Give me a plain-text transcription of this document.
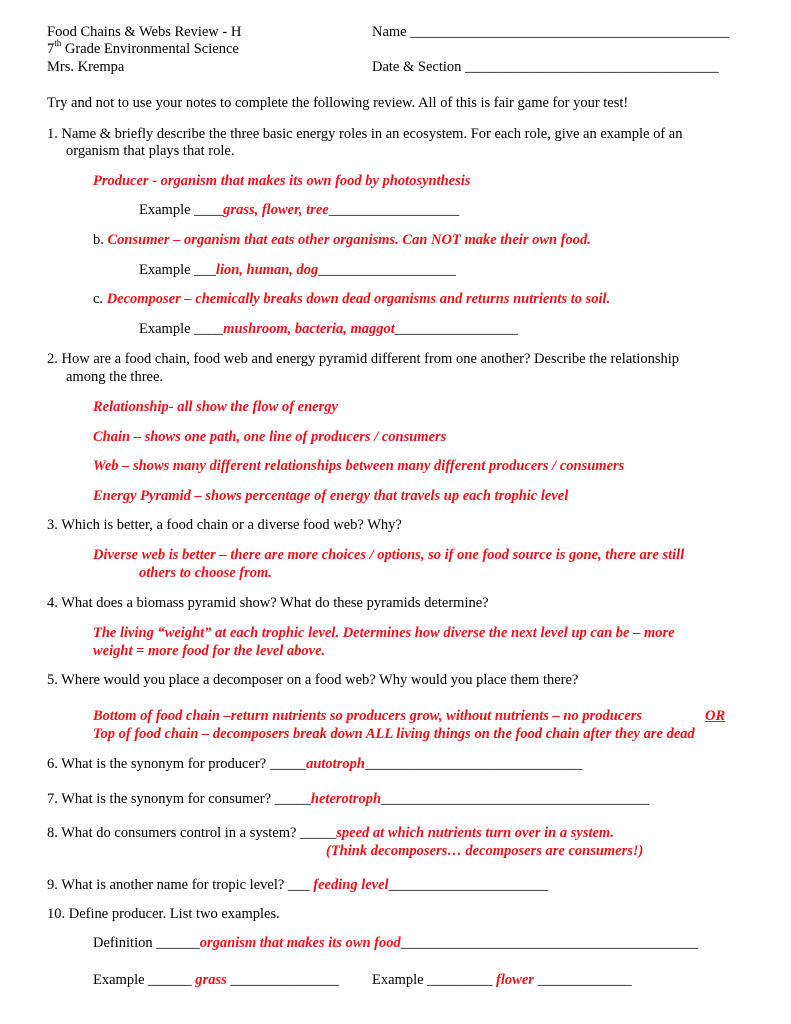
Food Chains & Webs Review - H
7th Grade Environmental Science
Mrs. Krempa
Name ____________________________________________
Date & Section ___________________________________
Try and not to use your notes to complete the following review. All of this is fair game for your test!
1. Name & briefly describe the three basic energy roles in an ecosystem. For each role, give an example of an
organism that plays that role.
Producer - organism that makes its own food by photosynthesis
Example ____grass, flower, tree__________________
b. Consumer – organism that eats other organisms. Can NOT make their own food.
Example ___lion, human, dog___________________
c. Decomposer – chemically breaks down dead organisms and returns nutrients to soil.
Example ____mushroom, bacteria, maggot_________________
2. How are a food chain, food web and energy pyramid different from one another? Describe the relationship
among the three.
Relationship- all show the flow of energy
Chain – shows one path, one line of producers / consumers
Web – shows many different relationships between many different producers / consumers
Energy Pyramid – shows percentage of energy that travels up each trophic level
3. Which is better, a food chain or a diverse food web? Why?
Diverse web is better – there are more choices / options, so if one food source is gone, there are still
others to choose from.
4. What does a biomass pyramid show? What do these pyramids determine?
The living “weight” at each trophic level. Determines how diverse the next level up can be – more
weight = more food for the level above.
5. Where would you place a decomposer on a food web? Why would you place them there?
Bottom of food chain –return nutrients so producers grow, without nutrients – no producers	OR
Top of food chain – decomposers break down ALL living things on the food chain after they are dead
6. What is the synonym for producer? _____autotroph______________________________
7. What is the synonym for consumer? _____heterotroph_____________________________________
8. What do consumers control in a system? _____speed at which nutrients turn over in a system.
(Think decomposers… decomposers are consumers!)
9. What is another name for tropic level? ___ feeding level______________________
10. Define producer. List two examples.
Definition ______organism that makes its own food_________________________________________
Example ______ grass _______________ Example _________ flower _____________
